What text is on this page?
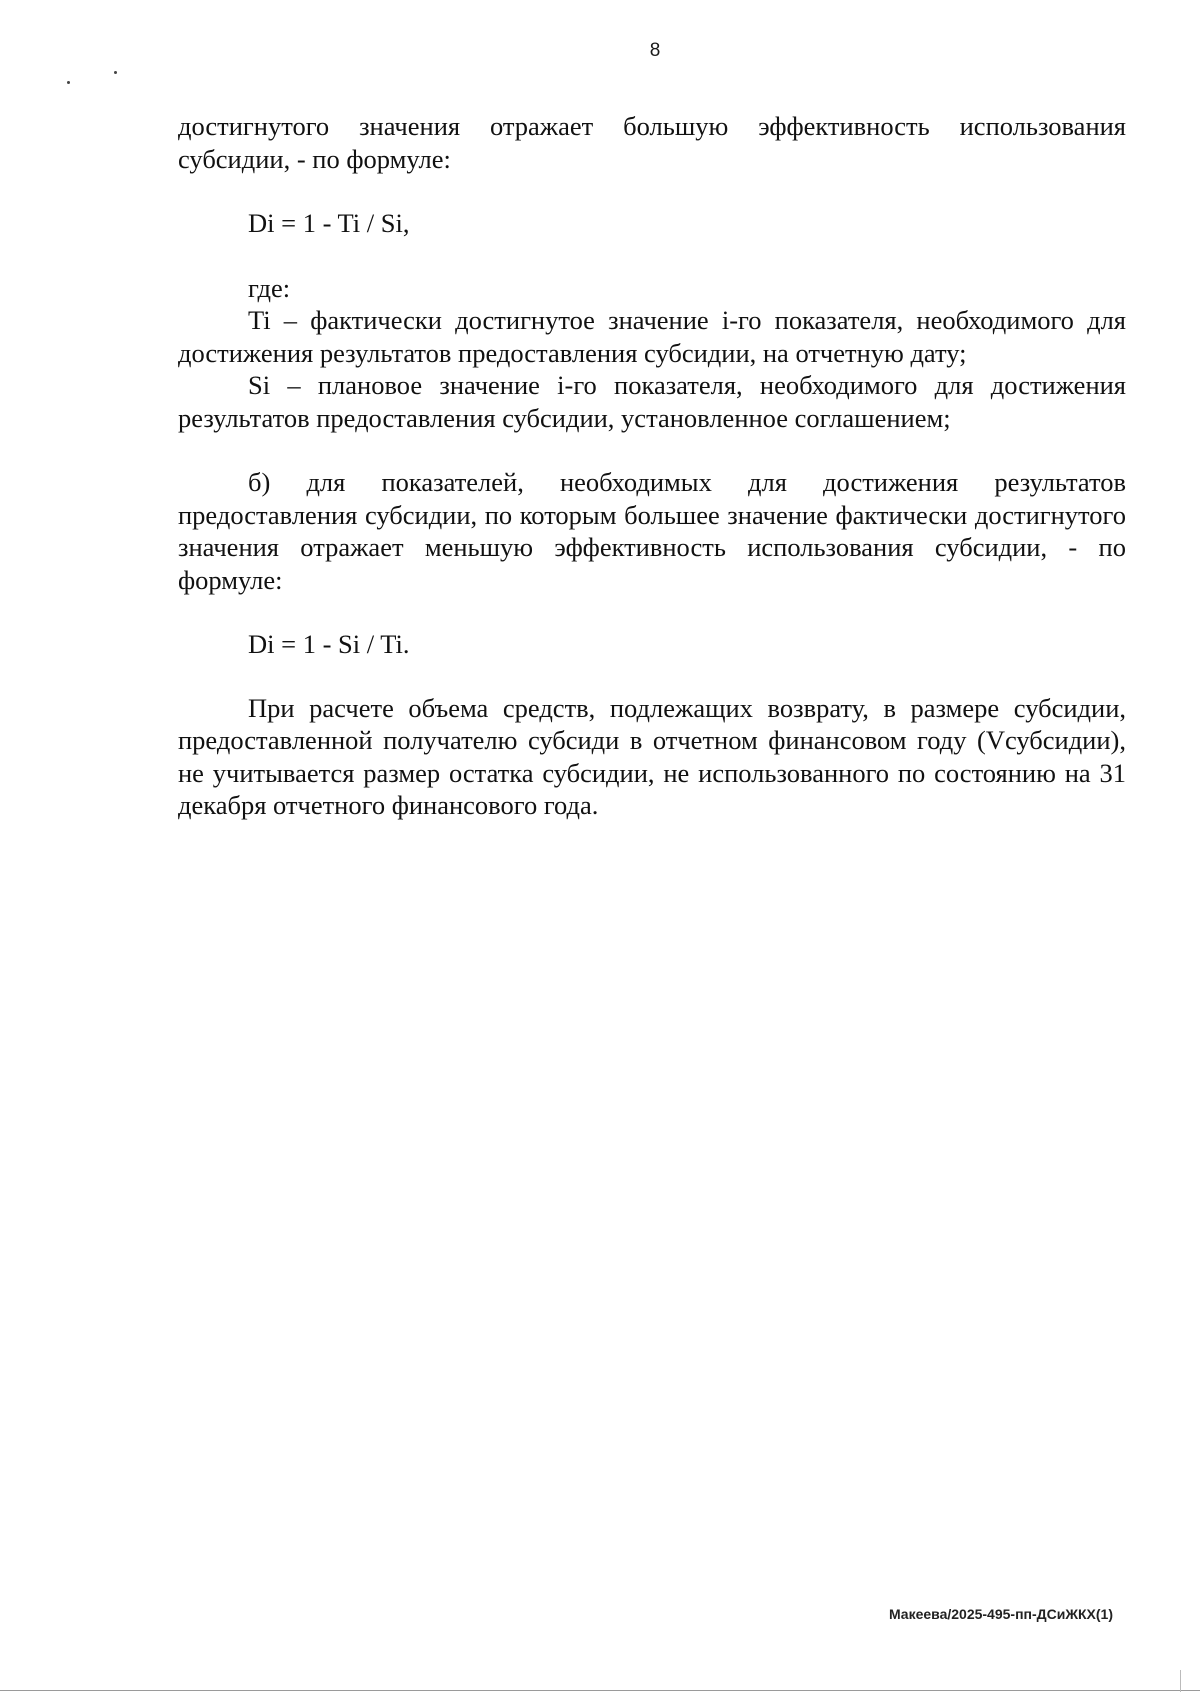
8

достигнутого значения отражает большую эффективность использования субсидии, - по формуле:

Di = 1 - Ti / Si,

где:

Ti – фактически достигнутое значение i-го показателя, необходимого для достижения результатов предоставления субсидии, на отчетную дату;

Si – плановое значение i-го показателя, необходимого для достижения результатов предоставления субсидии, установленное соглашением;

б) для показателей, необходимых для достижения результатов предоставления субсидии, по которым большее значение фактически достигнутого значения отражает меньшую эффективность использования субсидии, - по формуле:

Di = 1 - Si / Ti.

При расчете объема средств, подлежащих возврату, в размере субсидии, предоставленной получателю субсиди в отчетном финансовом году (Vсубсидии), не учитывается размер остатка субсидии, не использованного по состоянию на 31 декабря отчетного финансового года.

Макеева/2025-495-пп-ДСиЖКХ(1)
